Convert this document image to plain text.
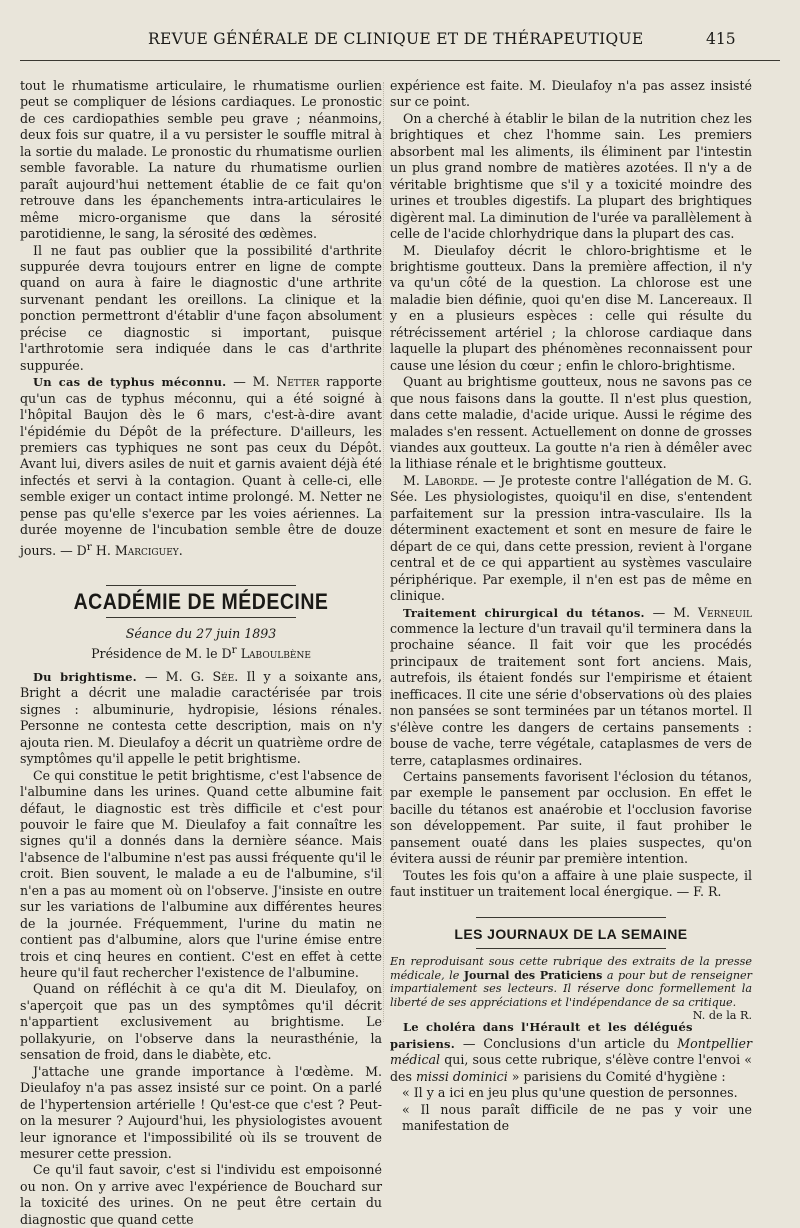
REVUE GÉNÉRALE DE CLINIQUE ET DE THÉRAPEUTIQUE	415

tout le rhumatisme articulaire, le rhumatisme ourlien peut se compliquer de lésions cardiaques. Le pronostic de ces cardiopathies semble peu grave ; néanmoins, deux fois sur quatre, il a vu persister le souffle mitral à la sortie du malade. Le pronostic du rhumatisme ourlien semble favorable. La nature du rhumatisme ourlien paraît aujourd'hui nettement établie de ce fait qu'on retrouve dans les épanchements intra-articulaires le même micro-organisme que dans la sérosité parotidienne, le sang, la sérosité des œdèmes.

Il ne faut pas oublier que la possibilité d'arthrite suppurée devra toujours entrer en ligne de compte quand on aura à faire le diagnostic d'une arthrite survenant pendant les oreillons. La clinique et la ponction permettront d'établir d'une façon absolument précise ce diagnostic si important, puisque l'arthrotomie sera indiquée dans le cas d'arthrite suppurée.

Un cas de typhus méconnu. — M. Netter rapporte qu'un cas de typhus méconnu, qui a été soigné à l'hôpital Baujon dès le 6 mars, c'est-à-dire avant l'épidémie du Dépôt de la préfecture. D'ailleurs, les premiers cas typhiques ne sont pas ceux du Dépôt. Avant lui, divers asiles de nuit et garnis avaient déjà été infectés et servi à la contagion. Quant à celle-ci, elle semble exiger un contact intime prolongé. M. Netter ne pense pas qu'elle s'exerce par les voies aériennes. La durée moyenne de l'incubation semble être de douze jours. — $D^r$ H. Marciguey.

ACADÉMIE DE MÉDECINE
Séance du 27 juin 1893
Présidence de M. le $D^r$ Laboulbène

Du brightisme. — M. G. Sée. Il y a soixante ans, Bright a décrit une maladie caractérisée par trois signes : albuminurie, hydropisie, lésions rénales. Personne ne contesta cette description, mais on n'y ajouta rien. M. Dieulafoy a décrit un quatrième ordre de symptômes qu'il appelle le petit brightisme.

Ce qui constitue le petit brightisme, c'est l'absence de l'albumine dans les urines. Quand cette albumine fait défaut, le diagnostic est très difficile et c'est pour pouvoir le faire que M. Dieulafoy a fait connaître les signes qu'il a donnés dans la dernière séance. Mais l'absence de l'albumine n'est pas aussi fréquente qu'il le croit. Bien souvent, le malade a eu de l'albumine, s'il n'en a pas au moment où on l'observe. J'insiste en outre sur les variations de l'albumine aux différentes heures de la journée. Fréquemment, l'urine du matin ne contient pas d'albumine, alors que l'urine émise entre trois et cinq heures en contient. C'est en effet à cette heure qu'il faut rechercher l'existence de l'albumine.

Quand on réfléchit à ce qu'a dit M. Dieulafoy, on s'aperçoit que pas un des symptômes qu'il décrit n'appartient exclusivement au brightisme. Le pollakyurie, on l'observe dans la neurasthénie, la sensation de froid, dans le diabète, etc.

J'attache une grande importance à l'œdème. M. Dieulafoy n'a pas assez insisté sur ce point. On a parlé de l'hypertension artérielle ! Qu'est-ce que c'est ? Peut-on la mesurer ? Aujourd'hui, les physiologistes avouent leur ignorance et l'impossibilité où ils se trouvent de mesurer cette pression.

Ce qu'il faut savoir, c'est si l'individu est empoisonné ou non. On y arrive avec l'expérience de Bouchard sur la toxicité des urines. On ne peut être certain du diagnostic que quand cette

expérience est faite. M. Dieulafoy n'a pas assez insisté sur ce point.

On a cherché à établir le bilan de la nutrition chez les brightiques et chez l'homme sain. Les premiers absorbent mal les aliments, ils éliminent par l'intestin un plus grand nombre de matières azotées. Il n'y a de véritable brightisme que s'il y a toxicité moindre des urines et troubles digestifs. La plupart des brightiques digèrent mal. La diminution de l'urée va parallèlement à celle de l'acide chlorhydrique dans la plupart des cas.

M. Dieulafoy décrit le chloro-brightisme et le brightisme goutteux. Dans la première affection, il n'y va qu'un côté de la question. La chlorose est une maladie bien définie, quoi qu'en dise M. Lancereaux. Il y en a plusieurs espèces : celle qui résulte du rétrécissement artériel ; la chlorose cardiaque dans laquelle la plupart des phénomènes reconnaissent pour cause une lésion du cœur ; enfin le chloro-brightisme.

Quant au brightisme goutteux, nous ne savons pas ce que nous faisons dans la goutte. Il n'est plus question, dans cette maladie, d'acide urique. Aussi le régime des malades s'en ressent. Actuellement on donne de grosses viandes aux goutteux. La goutte n'a rien à démêler avec la lithiase rénale et le brightisme goutteux.

M. Laborde. — Je proteste contre l'allégation de M. G. Sée. Les physiologistes, quoiqu'il en dise, s'entendent parfaitement sur la pression intra-vasculaire. Ils la déterminent exactement et sont en mesure de faire le départ de ce qui, dans cette pression, revient à l'organe central et de ce qui appartient au systèmes vasculaire périphérique. Par exemple, il n'en est pas de même en clinique.

Traitement chirurgical du tétanos. — M. Verneuil commence la lecture d'un travail qu'il terminera dans la prochaine séance. Il fait voir que les procédés principaux de traitement sont fort anciens. Mais, autrefois, ils étaient fondés sur l'empirisme et étaient inefficaces. Il cite une série d'observations où des plaies non pansées se sont terminées par un tétanos mortel. Il s'élève contre les dangers de certains pansements : bouse de vache, terre végétale, cataplasmes de vers de terre, cataplasmes ordinaires.

Certains pansements favorisent l'éclosion du tétanos, par exemple le pansement par occlusion. En effet le bacille du tétanos est anaérobie et l'occlusion favorise son développement. Par suite, il faut prohiber le pansement ouaté dans les plaies suspectes, qu'on évitera aussi de réunir par première intention.

Toutes les fois qu'on a affaire à une plaie suspecte, il faut instituer un traitement local énergique. — F. R.

LES JOURNAUX DE LA SEMAINE
En reproduisant sous cette rubrique des extraits de la presse médicale, le Journal des Praticiens a pour but de renseigner impartialement ses lecteurs. Il réserve donc formellement la liberté de ses appréciations et l'indépendance de sa critique.
N. de la R.

Le choléra dans l'Hérault et les délégués parisiens. — Conclusions d'un article du Montpellier médical qui, sous cette rubrique, s'élève contre l'envoi « des missi dominici » parisiens du Comité d'hygiène :

« Il y a ici en jeu plus qu'une question de personnes.

« Il nous paraît difficile de ne pas y voir une manifestation de
